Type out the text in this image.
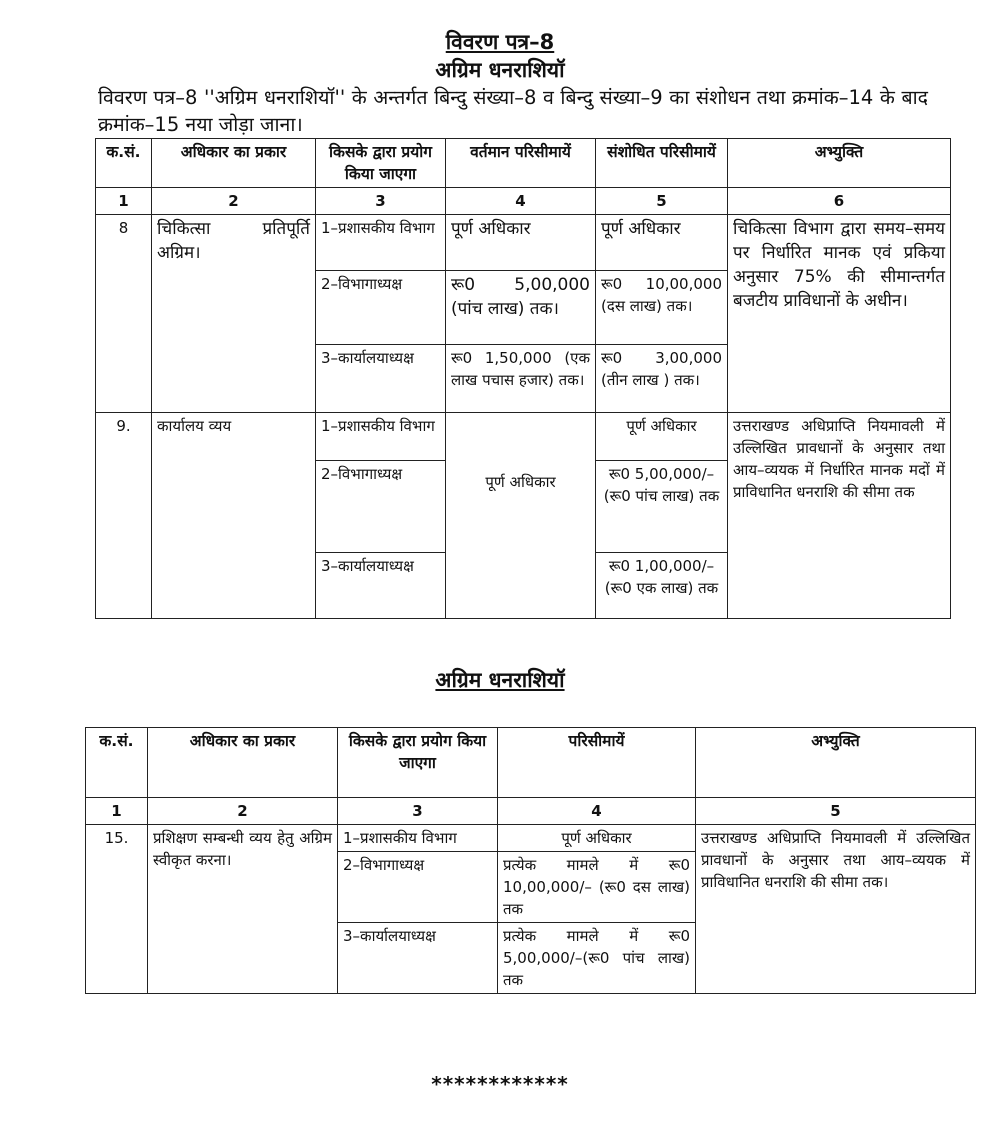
विवरण पत्र–8
अग्रिम धनराशियॉ
विवरण पत्र–8 ''अग्रिम धनराशियॉ'' के अन्तर्गत बिन्दु संख्या–8 व बिन्दु संख्या–9 का संशोधन तथा क्रमांक–14 के बाद क्रमांक–15 नया जोड़ा जाना।
क.सं.	अधिकार का प्रकार	किसके द्वारा प्रयोग किया जाएगा	वर्तमान परिसीमायें	संशोधित परिसीमायें	अभ्युक्ति
1	2	3	4	5	6
8	चिकित्सा प्रतिपूर्ति अग्रिम।	1–प्रशासकीय विभाग	पूर्ण अधिकार	पूर्ण अधिकार	चिकित्सा विभाग द्वारा समय–समय पर निर्धारित मानक एवं प्रकिया अनुसार 75% की सीमान्तर्गत बजटीय प्राविधानों के अधीन।
		2–विभागाध्यक्ष	रू0 5,00,000 (पांच लाख) तक।	रू0 10,00,000 (दस लाख) तक।	
		3–कार्यालयाध्यक्ष	रू0 1,50,000 (एक लाख पचास हजार) तक।	रू0 3,00,000 (तीन लाख ) तक।	
9.	कार्यालय व्यय	1–प्रशासकीय विभाग	पूर्ण अधिकार	पूर्ण अधिकार	उत्तराखण्ड अधिप्राप्ति नियमावली में उल्लिखित प्रावधानों के अनुसार तथा आय–व्ययक में निर्धारित मानक मदों में प्राविधानित धनराशि की सीमा तक
		2–विभागाध्यक्ष		रू0 5,00,000/– (रू0 पांच लाख) तक	
		3–कार्यालयाध्यक्ष		रू0 1,00,000/– (रू0 एक लाख) तक	
अग्रिम धनराशियॉ
क.सं.	अधिकार का प्रकार	किसके द्वारा प्रयोग किया जाएगा	परिसीमायें	अभ्युक्ति
1	2	3	4	5
15.	प्रशिक्षण सम्बन्धी व्यय हेतु अग्रिम स्वीकृत करना।	1–प्रशासकीय विभाग	पूर्ण अधिकार	उत्तराखण्ड अधिप्राप्ति नियमावली में उल्लिखित प्रावधानों के अनुसार तथा आय–व्ययक में प्राविधानित धनराशि की सीमा तक।
		2–विभागाध्यक्ष	प्रत्येक मामले में रू0 10,00,000/– (रू0 दस लाख) तक	
		3–कार्यालयाध्यक्ष	प्रत्येक मामले में रू0 5,00,000/–(रू0 पांच लाख) तक	
************
